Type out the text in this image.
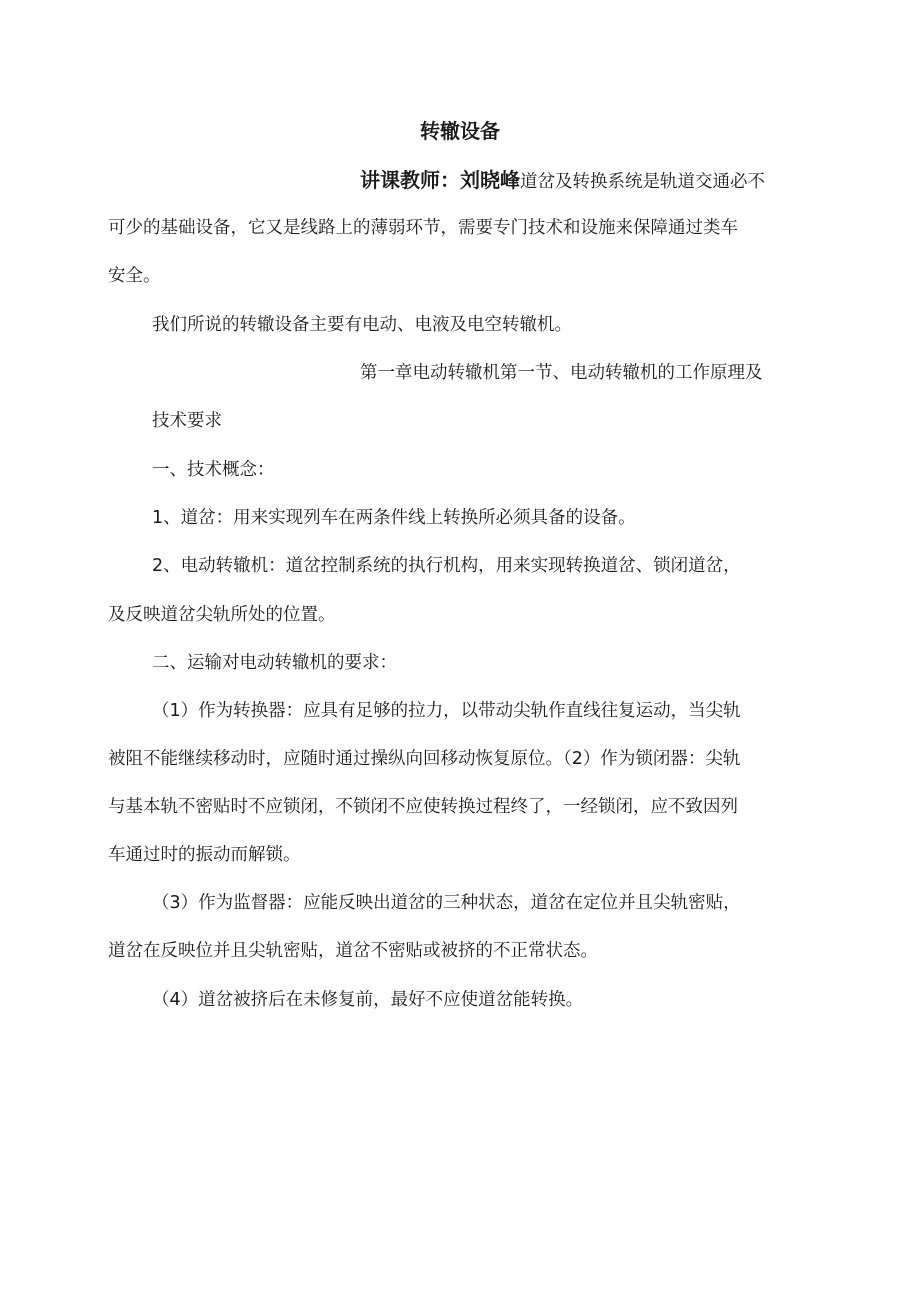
转辙设备
讲课教师：刘晓峰道岔及转换系统是轨道交通必不
可少的基础设备，它又是线路上的薄弱环节，需要专门技术和设施来保障通过类车
安全。
我们所说的转辙设备主要有电动、电液及电空转辙机。
第一章电动转辙机第一节、电动转辙机的工作原理及
技术要求
一、技术概念：
1、道岔：用来实现列车在两条件线上转换所必须具备的设备。
2、电动转辙机：道岔控制系统的执行机构，用来实现转换道岔、锁闭道岔，
及反映道岔尖轨所处的位置。
二、运输对电动转辙机的要求：
（1）作为转换器：应具有足够的拉力，以带动尖轨作直线往复运动，当尖轨
被阻不能继续移动时，应随时通过操纵向回移动恢复原位。（2）作为锁闭器：尖轨
与基本轨不密贴时不应锁闭，不锁闭不应使转换过程终了，一经锁闭，应不致因列
车通过时的振动而解锁。
（3）作为监督器：应能反映出道岔的三种状态，道岔在定位并且尖轨密贴，
道岔在反映位并且尖轨密贴，道岔不密贴或被挤的不正常状态。
（4）道岔被挤后在未修复前，最好不应使道岔能转换。
